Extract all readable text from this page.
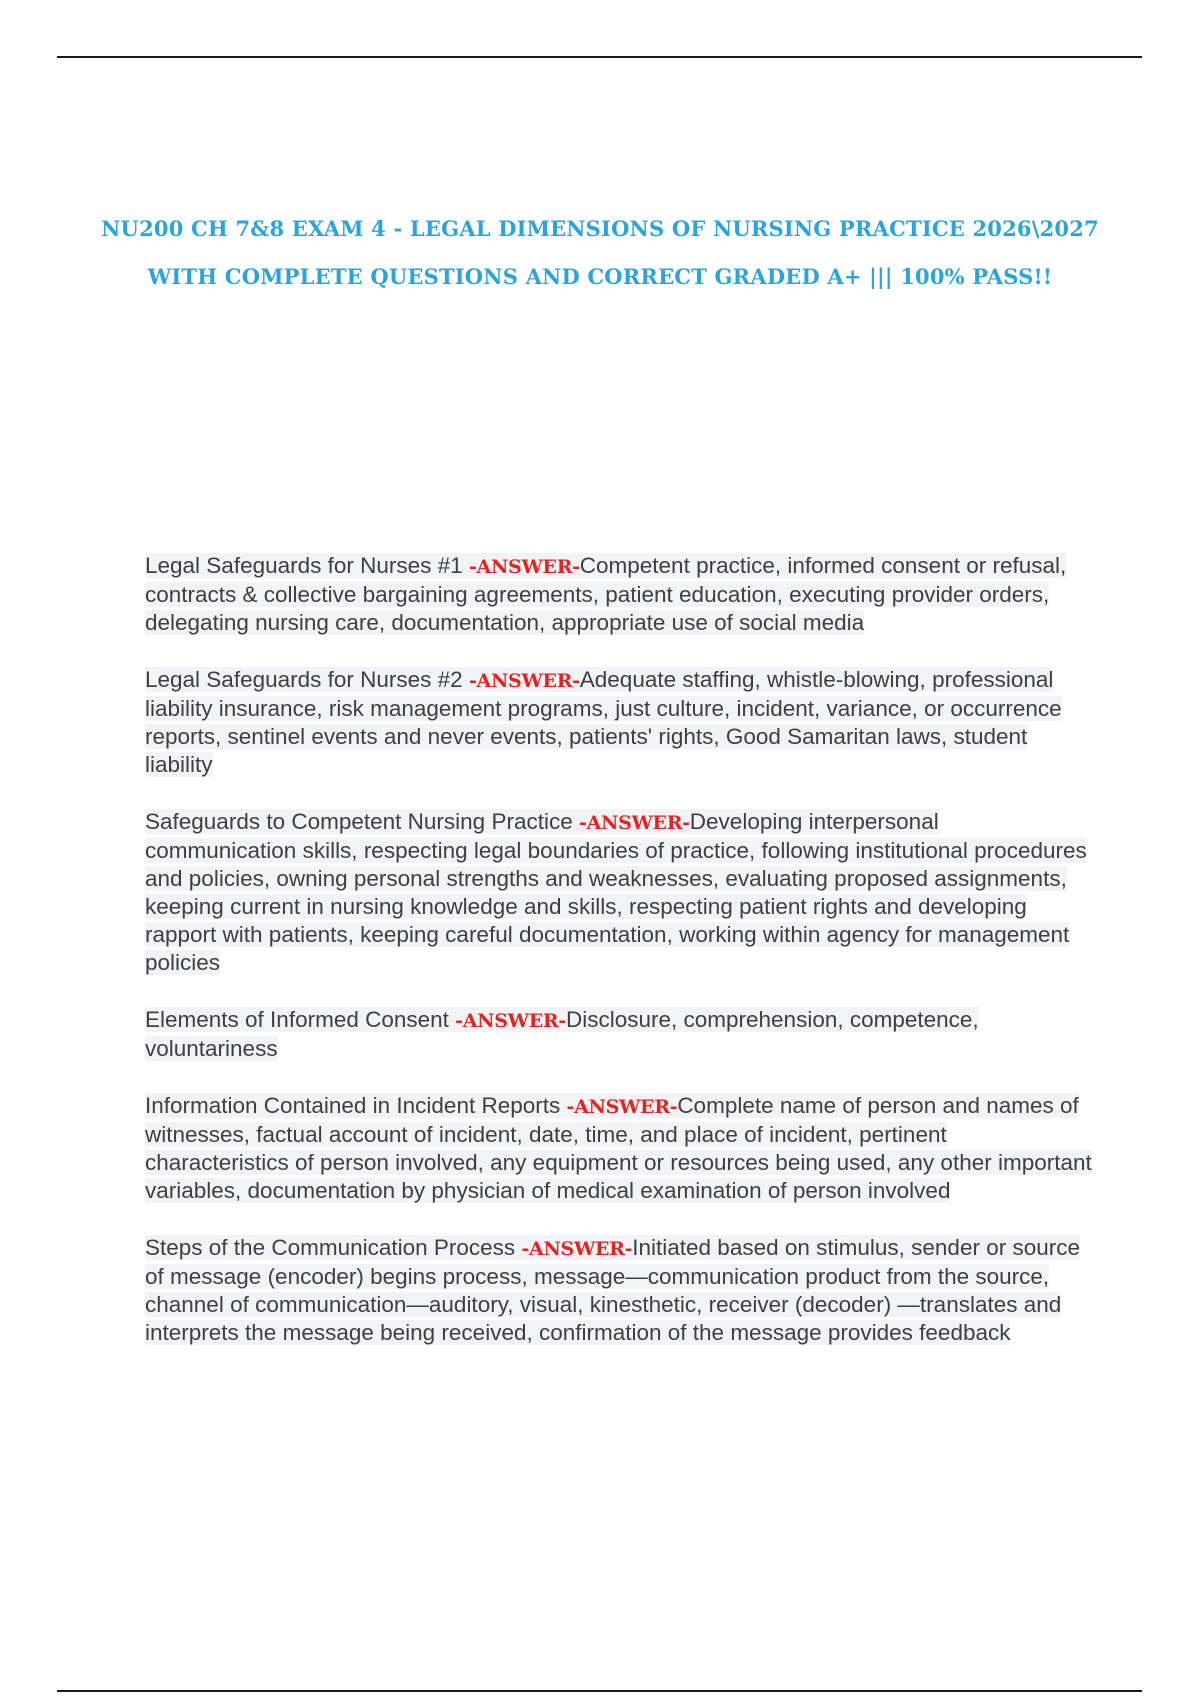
NU200 CH 7&8 EXAM 4 - LEGAL DIMENSIONS OF NURSING PRACTICE 2026\2027
WITH COMPLETE QUESTIONS AND CORRECT GRADED A+ ||| 100% PASS!!

Legal Safeguards for Nurses #1 -ANSWER-Competent practice, informed consent or refusal, contracts & collective bargaining agreements, patient education, executing provider orders, delegating nursing care, documentation, appropriate use of social media

Legal Safeguards for Nurses #2 -ANSWER-Adequate staffing, whistle-blowing, professional liability insurance, risk management programs, just culture, incident, variance, or occurrence reports, sentinel events and never events, patients' rights, Good Samaritan laws, student liability

Safeguards to Competent Nursing Practice -ANSWER-Developing interpersonal communication skills, respecting legal boundaries of practice, following institutional procedures and policies, owning personal strengths and weaknesses, evaluating proposed assignments, keeping current in nursing knowledge and skills, respecting patient rights and developing rapport with patients, keeping careful documentation, working within agency for management policies

Elements of Informed Consent -ANSWER-Disclosure, comprehension, competence, voluntariness

Information Contained in Incident Reports -ANSWER-Complete name of person and names of witnesses, factual account of incident, date, time, and place of incident, pertinent characteristics of person involved, any equipment or resources being used, any other important variables, documentation by physician of medical examination of person involved

Steps of the Communication Process -ANSWER-Initiated based on stimulus, sender or source of message (encoder) begins process, message—communication product from the source, channel of communication—auditory, visual, kinesthetic, receiver (decoder) —translates and interprets the message being received, confirmation of the message provides feedback
